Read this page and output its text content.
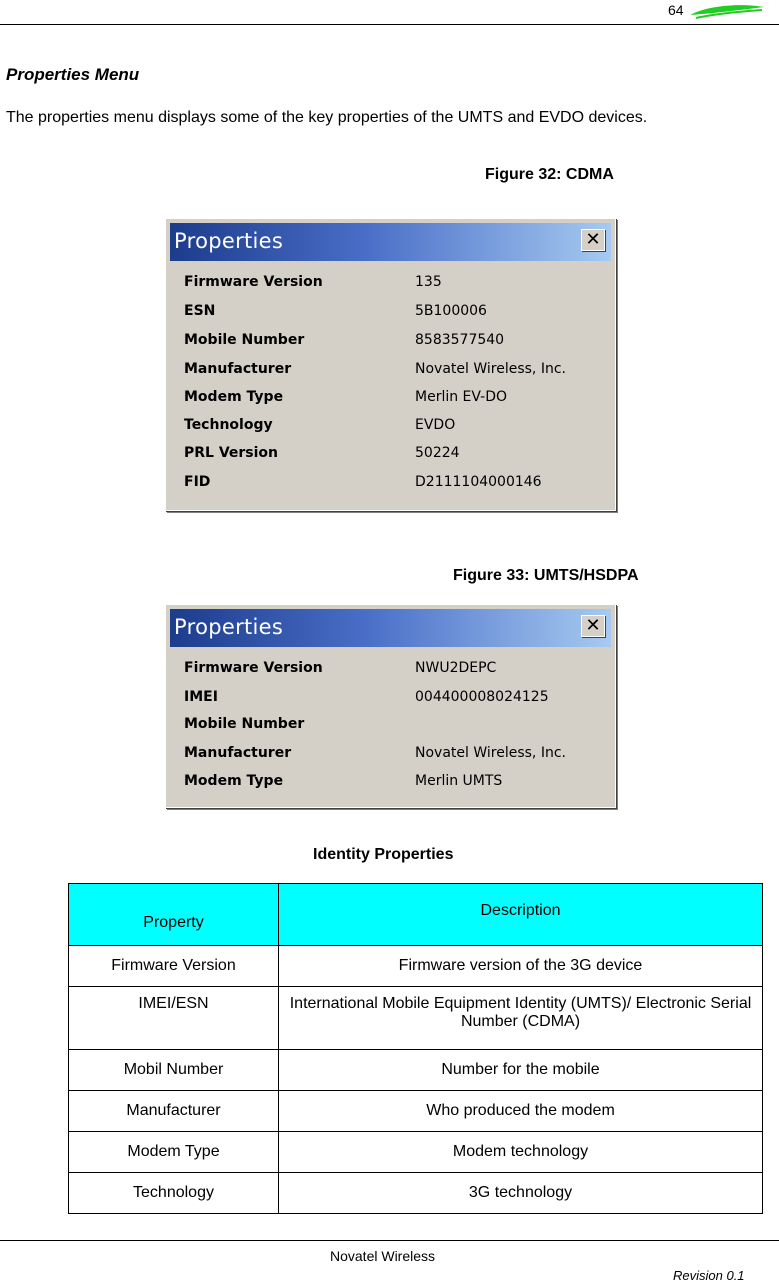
64
Properties Menu
The properties menu displays some of the key properties of the UMTS and EVDO devices.
Figure 32: CDMA
Properties	✕
Firmware Version	135
ESN	5B100006
Mobile Number	8583577540
Manufacturer	Novatel Wireless, Inc.
Modem Type	Merlin EV-DO
Technology	EVDO
PRL Version	50224
FID	D2111104000146
Figure 33: UMTS/HSDPA
Properties	✕
Firmware Version	NWU2DEPC
IMEI	004400008024125
Mobile Number
Manufacturer	Novatel Wireless, Inc.
Modem Type	Merlin UMTS
Identity Properties
Property	Description
Firmware Version	Firmware version of the 3G device
IMEI/ESN	International Mobile Equipment Identity (UMTS)/ Electronic Serial Number (CDMA)
Mobil Number	Number for the mobile
Manufacturer	Who produced the modem
Modem Type	Modem technology
Technology	3G technology
Novatel Wireless
Revision 0.1
